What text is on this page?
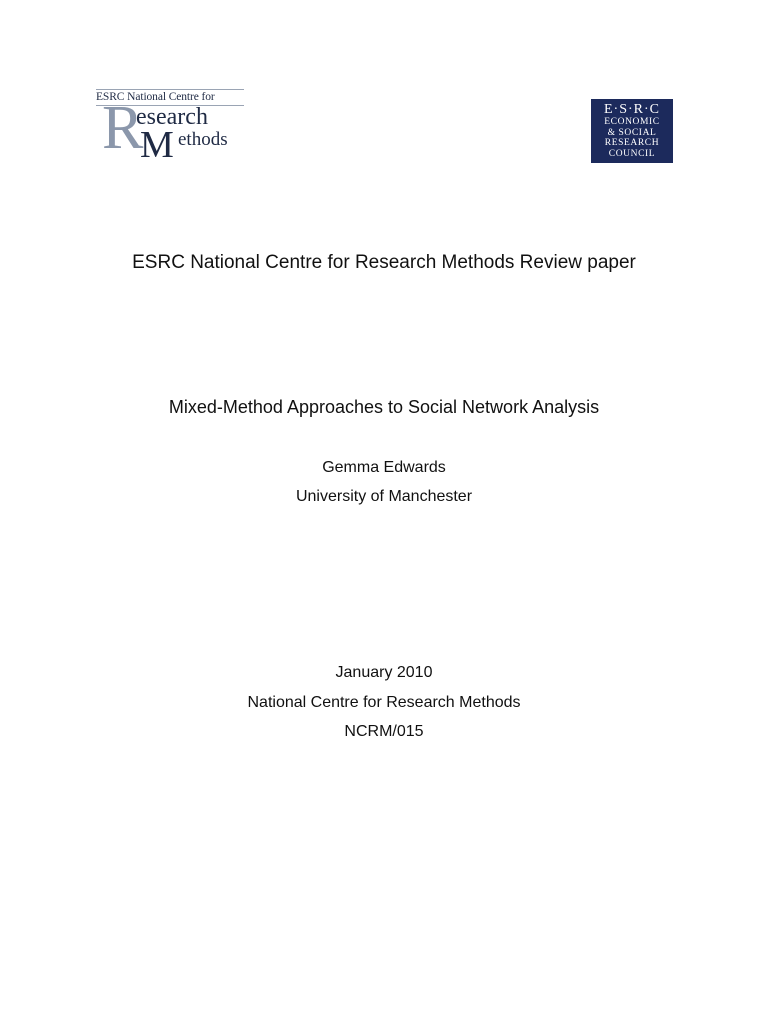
ESRC National Centre for
R
esearch
M ethods
E·S·R·C
ECONOMIC
& SOCIAL
RESEARCH
COUNCIL
ESRC National Centre for Research Methods Review paper
Mixed-Method Approaches to Social Network Analysis
Gemma Edwards
University of Manchester
January 2010
National Centre for Research Methods
NCRM/015
